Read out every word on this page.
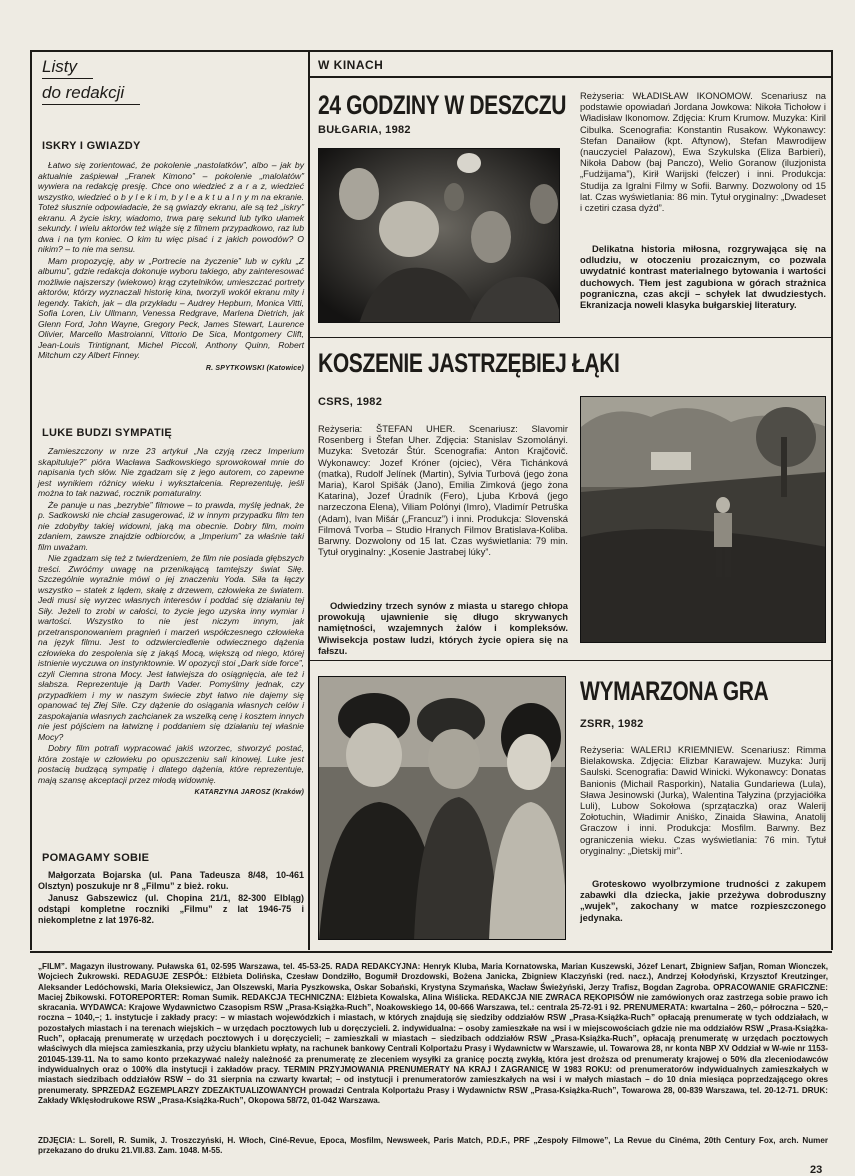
Listy
do redakcji
ISKRY I GWIAZDY

Łatwo się zorientować, że pokolenie „nastolatków”, albo – jak by aktualnie zaśpiewał „Franek Kimono” – pokolenie „malolatów” wywiera na redakcję presję. Chce ono wiedzieć z a r a z, wiedzieć wszystko, wiedzieć o b y l e k i m, b y l e a k t u a l n y m na ekranie. Toteż słusznie odpowiadacie, że są gwiazdy ekranu, ale są też „iskry” ekranu. A życie iskry, wiadomo, trwa parę sekund lub tylko ułamek sekundy. I wielu aktorów też wiąże się z filmem przypadkowo, raz lub dwa i na tym koniec. O kim tu więc pisać i z jakich powodów? O nikim? – to nie ma sensu.

Mam propozycję, aby w „Portrecie na życzenie” lub w cyklu „Z albumu”, gdzie redakcja dokonuje wyboru takiego, aby zainteresować możliwie najszerszy (wiekowo) krąg czytelników, umieszczać portrety aktorów, którzy wyznaczali historię kina, tworzyli wokół ekranu mity i legendy. Takich, jak – dla przykładu – Audrey Hepburn, Monica Vitti, Sofia Loren, Liv Ullmann, Venessa Redgrave, Marlena Dietrich, jak Glenn Ford, John Wayne, Gregory Peck, James Stewart, Laurence Olivier, Marcello Mastroianni, Vittorio De Sica, Montgomery Clift, Jean-Louis Trintignant, Michel Piccoli, Anthony Quinn, Robert Mitchum czy Albert Finney.

R. SPYTKOWSKI (Katowice)
LUKE BUDZI SYMPATIĘ

Zamieszczony w nrze 23 artykuł „Na czyją rzecz Imperium skapituluje?” pióra Wacława Sadkowskiego sprowokował mnie do napisania tych słów. Nie zgadzam się z jego autorem, co zapewne jest wynikiem różnicy wieku i wykształcenia. Reprezentuję, jeśli można to tak nazwać, rocznik pomaturalny.

Że panuje u nas „bezrybie” filmowe – to prawda, myślę jednak, że p. Sadkowski nie chciał zasugerować, iż w innym przypadku film ten nie zdobyłby takiej widowni, jaką ma obecnie. Dobry film, moim zdaniem, zawsze znajdzie odbiorców, a „Imperium” za właśnie taki film uważam.

Nie zgadzam się też z twierdzeniem, że film nie posiada głębszych treści. Zwróćmy uwagę na przenikającą tamtejszy świat Siłę. Szczególnie wyraźnie mówi o jej znaczeniu Yoda. Siła ta łączy wszystko – statek z lądem, skałę z drzewem, człowieka ze światem. Jedi musi się wyrzec własnych interesów i poddać się działaniu tej Siły. Jeżeli to zrobi w całości, to życie jego uzyska inny wymiar i wartości. Wszystko to nie jest niczym innym, jak przetransponowaniem pragnień i marzeń współczesnego człowieka na język filmu. Jest to odzwierciedlenie odwiecznego dążenia człowieka do zespolenia się z jakąś Mocą, większą od niego, której istnienie wyczuwa on instynktownie. W opozycji stoi „Dark side force”, czyli Ciemna strona Mocy. Jest łatwiejsza do osiągnięcia, ale też i słabsza. Reprezentuje ją Darth Vader. Pomyślmy jednak, czy przypadkiem i my w naszym świecie zbyt łatwo nie dajemy się opanować tej Złej Sile. Czy dążenie do osiągania własnych celów i zaspokajania własnych zachcianek za wszelką cenę i kosztem innych nie jest pójściem na łatwiznę i poddaniem się działaniu tej właśnie Mocy?

Dobry film potrafi wypracować jakiś wzorzec, stworzyć postać, która zostaje w człowieku po opuszczeniu sali kinowej. Luke jest postacią budzącą sympatię i dlatego dążenia, które reprezentuje, mają szansę akceptacji przez młodą widownię.

KATARZYNA JAROSZ (Kraków)
POMAGAMY SOBIE

Małgorzata Bojarska (ul. Pana Tadeusza 8/48, 10-461 Olsztyn) poszukuje nr 8 „Filmu” z bież. roku.

Janusz Gabszewicz (ul. Chopina 21/1, 82-300 Elbląg) odstąpi kompletne roczniki „Filmu” z lat 1946-75 i niekompletne z lat 1976-82.

W KINACH
24 GODZINY W DESZCZU
BUŁGARIA, 1982
Reżyseria: WŁADISŁAW IKONOMOW. Scenariusz na podstawie opowiadań Jordana Jowkowa: Nikoła Tichołow i Władisław Ikonomow. Zdjęcia: Krum Krumow. Muzyka: Kiril Cibulka. Scenografia: Konstantin Rusakow. Wykonawcy: Stefan Danaiłow (kpt. Aftynow), Stefan Mawrodijew (nauczyciel Pałazow), Ewa Szykulska (Eliza Barbieri), Nikoła Dabow (baj Panczo), Welio Goranow (iluzjonista „Fudżijama”), Kirił Warijski (felczer) i inni. Produkcja: Studija za Igralni Filmy w Sofii. Barwny. Dozwolony od 15 lat. Czas wyświetlania: 86 min. Tytuł oryginalny: „Dwadeset i czetiri czasa dyżd”.
Delikatna historia miłosna, rozgrywająca się na odludziu, w otoczeniu prozaicznym, co pozwala uwydatnić kontrast materialnego bytowania i wartości duchowych. Tłem jest zagubiona w górach strażnica pograniczna, czas akcji – schyłek lat dwudziestych. Ekranizacja noweli klasyka bułgarskiej literatury.
KOSZENIE JASTRZĘBIEJ ŁĄKI
CSRS, 1982
Reżyseria: ŠTEFAN UHER. Scenariusz: Slavomir Rosenberg i Štefan Uher. Zdjęcia: Stanislav Szomolányi. Muzyka: Svetozár Štúr. Scenografia: Anton Krajčovič. Wykonawcy: Jozef Króner (ojciec), Věra Tichánková (matka), Rudolf Jelínek (Martin), Sylvia Turbová (jego żona Maria), Karol Spišák (Jano), Emilia Zimková (jego żona Katarina), Jozef Úradník (Fero), Ljuba Krbová (jego narzeczona Elena), Viliam Polónyi (Imro), Vladimír Petruška (Adam), Ivan Mišár („Francuz”) i inni. Produkcja: Slovenská Filmová Tvorba – Studio Hranych Filmov Bratislava-Koliba. Barwny. Dozwolony od 15 lat. Czas wyświetlania: 79 min. Tytuł oryginalny: „Kosenie Jastrabej lúky”.
Odwiedziny trzech synów z miasta u starego chłopa prowokują ujawnienie się długo skrywanych namiętności, wzajemnych żalów i kompleksów. Wiwisekcja postaw ludzi, których życie opiera się na fałszu.
WYMARZONA GRA
ZSRR, 1982
Reżyseria: WALERIJ KRIEMNIEW. Scenariusz: Rimma Bielakowska. Zdjęcia: Elizbar Karawajew. Muzyka: Jurij Saulski. Scenografia: Dawid Winicki. Wykonawcy: Donatas Banionis (Michail Rasporkin), Natalia Gundariewa (Lula), Sława Jesinowski (Jurka), Walentina Tałyzina (przyjaciółka Luli), Lubow Sokołowa (sprzątaczka) oraz Walerij Zołotuchin, Władimir Aniśko, Zinaida Sławina, Anatolij Graczow i inni. Produkcja: Mosfilm. Barwny. Bez ograniczenia wieku. Czas wyświetlania: 76 min. Tytuł oryginalny: „Dietskij mir”.
Groteskowo wyolbrzymione trudności z zakupem zabawki dla dziecka, jakie przeżywa dobroduszny „wujek”, zakochany w matce rozpieszczonego jedynaka.
„FILM”. Magazyn ilustrowany. Puławska 61, 02-595 Warszawa, tel. 45-53-25. RADA REDAKCYJNA: Henryk Kluba, Maria Kornatowska, Marian Kuszewski, Józef Lenart, Zbigniew Safjan, Roman Wionczek, Wojciech Żukrowski. REDAGUJE ZESPÓŁ: Elżbieta Dolińska, Czesław Dondziłło, Bogumił Drozdowski, Bożena Janicka, Zbigniew Klaczyński (red. nacz.), Andrzej Kołodyński, Krzysztof Kreutzinger, Aleksander Ledóchowski, Maria Oleksiewicz, Jan Olszewski, Maria Pyszkowska, Oskar Sobański, Krystyna Szymańska, Wacław Świeżyński, Jerzy Trafisz, Bogdan Zagroba. OPRACOWANIE GRAFICZNE: Maciej Żbikowski. FOTOREPORTER: Roman Sumik. REDAKCJA TECHNICZNA: Elżbieta Kowalska, Alina Wiślicka. REDAKCJA NIE ZWRACA RĘKOPISÓW nie zamówionych oraz zastrzega sobie prawo ich skracania. WYDAWCA: Krajowe Wydawnictwo Czasopism RSW „Prasa-Książka-Ruch”, Noakowskiego 14, 00-666 Warszawa, tel.: centrala 25-72-91 i 92. PRENUMERATA: kwartalna – 260,– półroczna – 520,– roczna – 1040,–; 1. instytucje i zakłady pracy: – w miastach wojewódzkich i miastach, w których znajdują się siedziby oddziałów RSW „Prasa-Książka-Ruch” opłacają prenumeratę w tych oddziałach, w pozostałych miastach i na terenach wiejskich – w urzędach pocztowych lub u doręczycieli. 2. indywidualna: – osoby zamieszkałe na wsi i w miejscowościach gdzie nie ma oddziałów RSW „Prasa-Książka-Ruch”, opłacają prenumeratę w urzędach pocztowych i u doręczycieli; – zamieszkali w miastach – siedzibach oddziałów RSW „Prasa-Książka-Ruch”, opłacają prenumeratę w urzędach pocztowych właściwych dla miejsca zamieszkania, przy użyciu blankietu wpłaty, na rachunek bankowy Centrali Kolportażu Prasy i Wydawnictw w Warszawie, ul. Towarowa 28, nr konta NBP XV Oddział w W-wie nr 1153-201045-139-11. Na to samo konto przekazywać należy należność za prenumeratę ze zleceniem wysyłki za granicę pocztą zwykłą, która jest droższa od prenumeraty krajowej o 50% dla zleceniodawców indywidualnych oraz o 100% dla instytucji i zakładów pracy. TERMIN PRZYJMOWANIA PRENUMERATY NA KRAJ I ZAGRANICĘ W 1983 ROKU: od prenumeratorów indywidualnych zamieszkałych w miastach siedzibach oddziałów RSW – do 31 sierpnia na czwarty kwartał; – od instytucji i prenumeratorów zamieszkałych na wsi i w małych miastach – do 10 dnia miesiąca poprzedzającego okres prenumeraty. SPRZEDAŻ EGZEMPLARZY ZDEZAKTUALIZOWANYCH prowadzi Centrala Kolportażu Prasy i Wydawnictw RSW „Prasa-Książka-Ruch”, Towarowa 28, 00-839 Warszawa, tel. 20-12-71. DRUK: Zakłady Wklęsłodrukowe RSW „Prasa-Książka-Ruch”, Okopowa 58/72, 01-042 Warszawa.
ZDJĘCIA: L. Sorell, R. Sumik, J. Troszczyński, H. Włoch, Ciné-Revue, Epoca, Mosfilm, Newsweek, Paris Match, P.D.F., PRF „Zespoły Filmowe”, La Revue du Cinéma, 20th Century Fox, arch. Numer przekazano do druku 21.VII.83. Zam. 1048. M-55.
23
